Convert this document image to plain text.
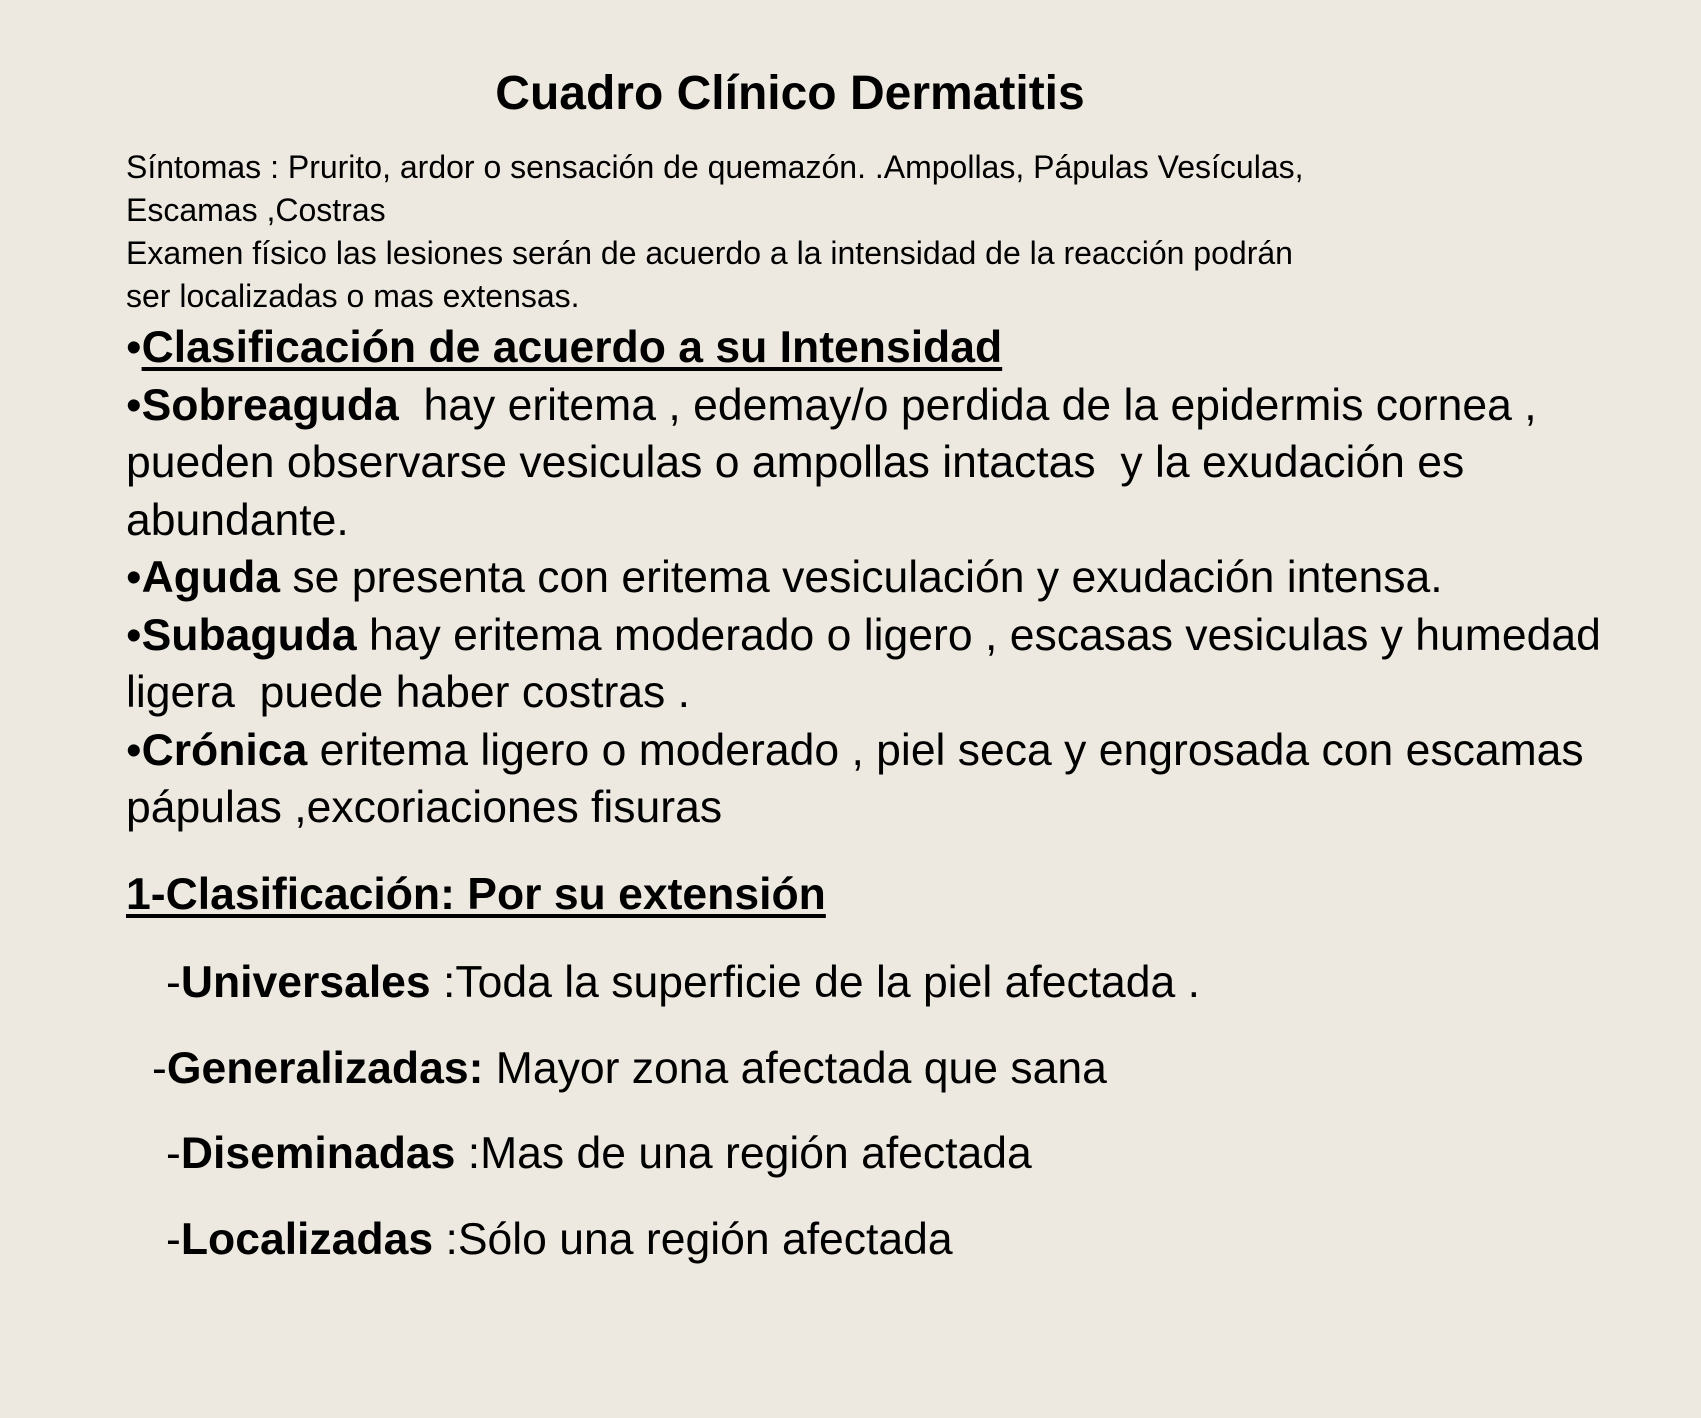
Cuadro Clínico Dermatitis

Síntomas : Prurito, ardor o sensación de quemazón. .Ampollas, Pápulas Vesículas,

Escamas ,Costras

Examen físico las lesiones serán de acuerdo a la intensidad de la reacción podrán

ser localizadas o mas extensas.

•Clasificación de acuerdo a su Intensidad

•Sobreaguda  hay eritema , edemay/o perdida de la epidermis cornea , pueden observarse vesiculas o ampollas intactas  y la exudación es abundante.

•Aguda se presenta con eritema vesiculación y exudación intensa.

•Subaguda hay eritema moderado o ligero , escasas vesiculas y humedad ligera  puede haber costras .

•Crónica eritema ligero o moderado , piel seca y engrosada con escamas pápulas ,excoriaciones fisuras

1-Clasificación: Por su extensión
-Universales :Toda la superficie de la piel afectada .
-Generalizadas: Mayor zona afectada que sana
-Diseminadas :Mas de una región afectada
-Localizadas :Sólo una región afectada
